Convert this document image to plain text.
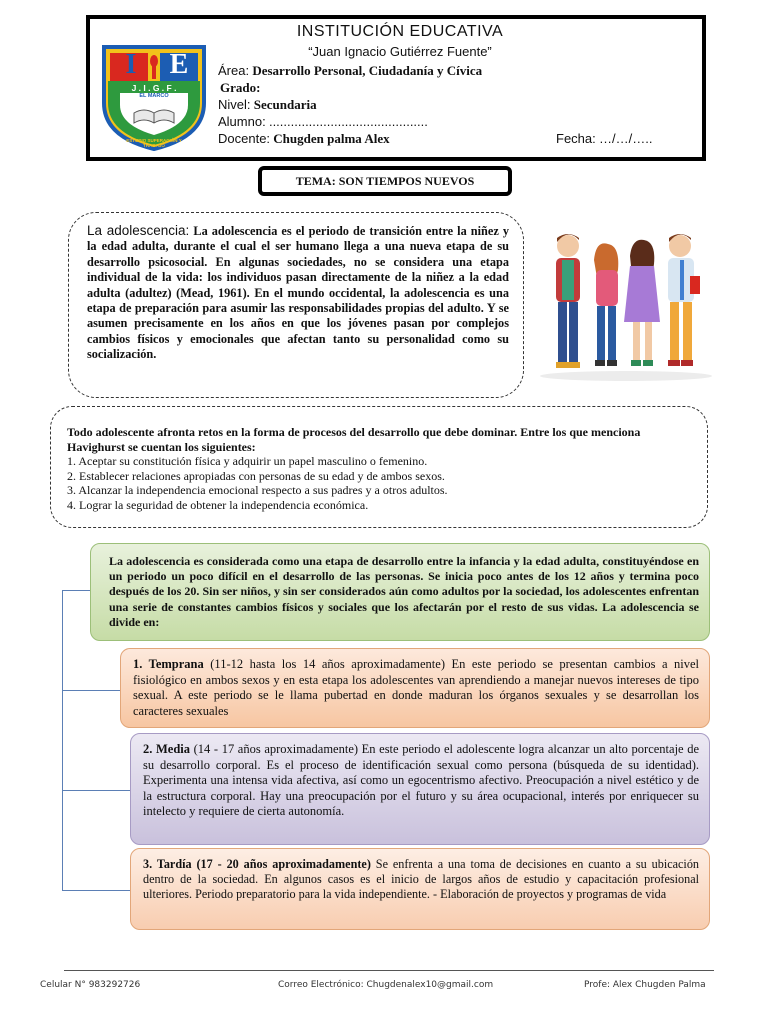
I	E
J . I . G . F .
EL MARCO
ESTUDIO SUPERACIÓN Y TRABAJO
INSTITUCIÓN EDUCATIVA
“Juan Ignacio Gutiérrez Fuente”
Área: Desarrollo Personal, Ciudadanía y Cívica
Grado:
Nivel: Secundaria
Alumno: ............................................
Docente: Chugden palma Alex	Fecha: …/…/…..
TEMA: SON TIEMPOS NUEVOS
La adolescencia: La adolescencia es el periodo de transición entre la niñez y la edad adulta, durante el cual el ser humano llega a una nueva etapa de su desarrollo psicosocial. En algunas sociedades, no se considera una etapa individual de la vida: los individuos pasan directamente de la niñez a la edad adulta (adultez) (Mead, 1961). En el mundo occidental, la adolescencia es una etapa de preparación para asumir las responsabilidades propias del adulto. Y se asumen precisamente en los años en que los jóvenes pasan por complejos cambios físicos y emocionales que afectan tanto su personalidad como su socialización.
Todo adolescente afronta retos en la forma de procesos del desarrollo que debe dominar. Entre los que menciona Havighurst se cuentan los siguientes:
1. Aceptar su constitución física y adquirir un papel masculino o femenino.
2. Establecer relaciones apropiadas con personas de su edad y de ambos sexos.
3. Alcanzar la independencia emocional respecto a sus padres y a otros adultos.
4. Lograr la seguridad de obtener la independencia económica.
La adolescencia es considerada como una etapa de desarrollo entre la infancia y la edad adulta, constituyéndose en un periodo un poco difícil en el desarrollo de las personas. Se inicia poco antes de los 12 años y termina poco después de los 20. Sin ser niños, y sin ser considerados aún como adultos por la sociedad, los adolescentes enfrentan una serie de constantes cambios físicos y sociales que los afectarán por el resto de sus vidas. La adolescencia se divide en:
1. Temprana (11-12 hasta los 14 años aproximadamente) En este periodo se presentan cambios a nivel fisiológico en ambos sexos y en esta etapa los adolescentes van aprendiendo a manejar nuevos intereses de tipo sexual. A este periodo se le llama pubertad en donde maduran los órganos sexuales y se desarrollan los caracteres sexuales
2. Media (14 - 17 años aproximadamente) En este periodo el adolescente logra alcanzar un alto porcentaje de su desarrollo corporal. Es el proceso de identificación sexual como persona (búsqueda de su identidad). Experimenta una intensa vida afectiva, así como un egocentrismo afectivo. Preocupación a nivel estético y de la estructura corporal. Hay una preocupación por el futuro y su área ocupacional, interés por enriquecer su intelecto y requiere de cierta autonomía.
3. Tardía (17 - 20 años aproximadamente) Se enfrenta a una toma de decisiones en cuanto a su ubicación dentro de la sociedad. En algunos casos es el inicio de largos años de estudio y capacitación profesional ulteriores. Periodo preparatorio para la vida independiente. - Elaboración de proyectos y programas de vida
Celular N° 983292726	Correo Electrónico: Chugdenalex10@gmail.com	Profe: Alex Chugden Palma
